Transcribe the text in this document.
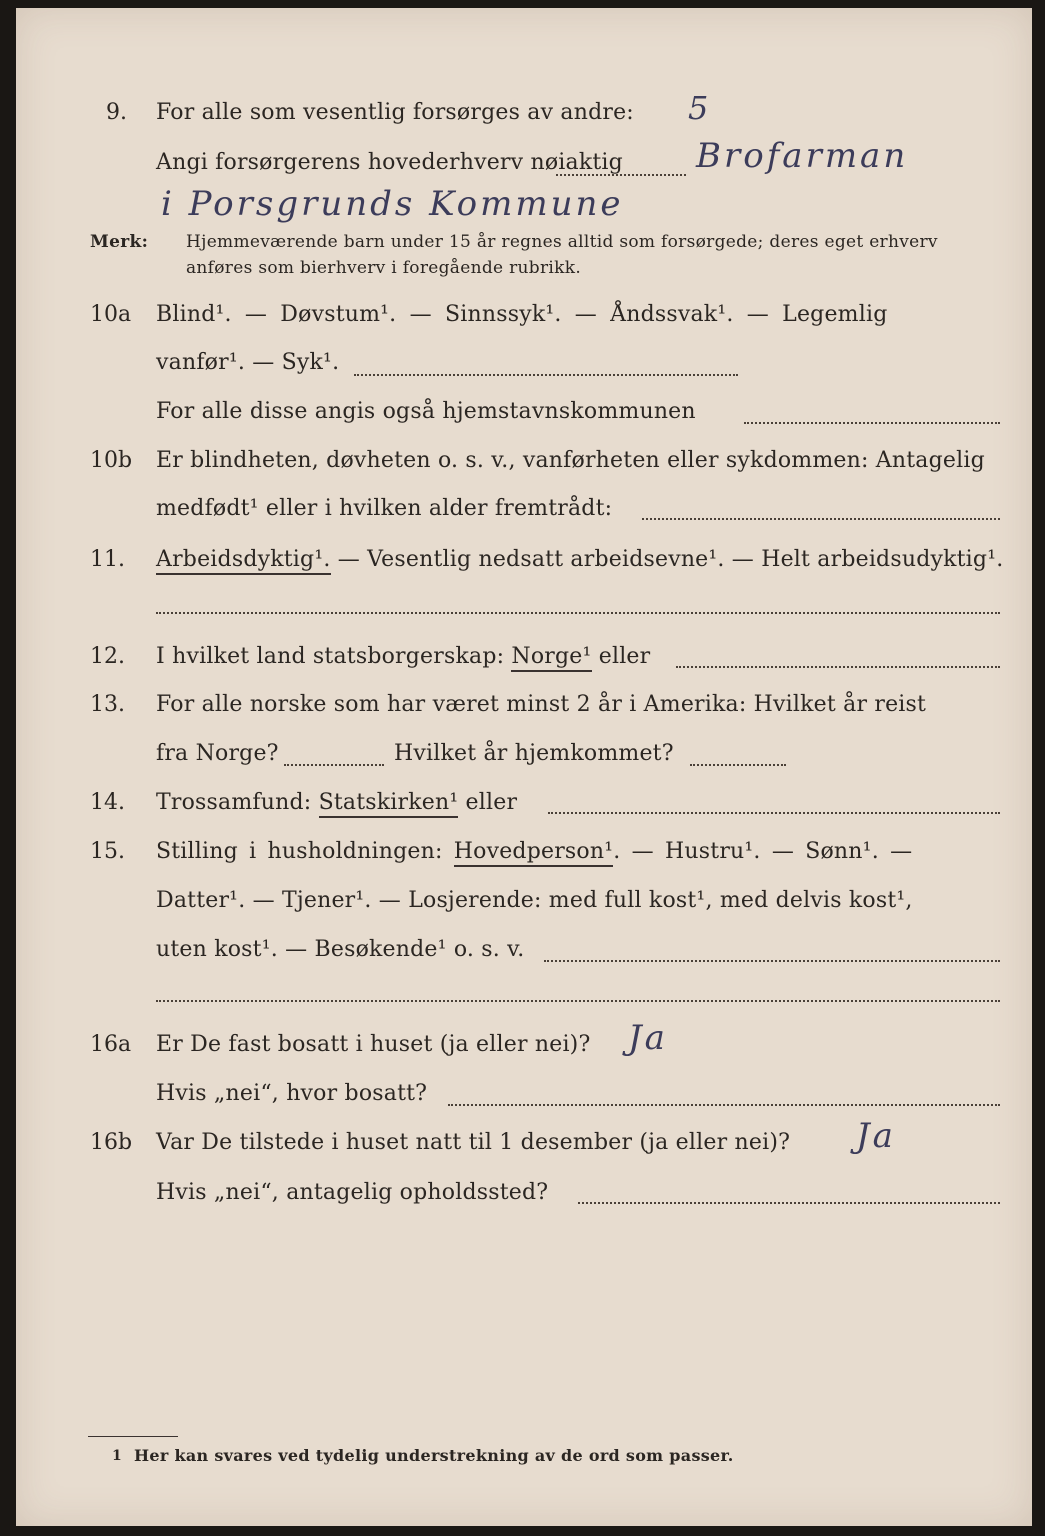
9. For alle som vesentlig forsørges av andre: 5
Angi forsørgerens hovederhverv nøiaktig Brofarman
i Porsgrunds Kommune
Merk: Hjemmeværende barn under 15 år regnes alltid som forsørgede; deres eget erhverv
anføres som bierhverv i foregående rubrikk.
10a Blind¹. — Døvstum¹. — Sinnssyk¹. — Åndssvak¹. — Legemlig
vanfør¹. — Syk¹.
For alle disse angis også hjemstavnskommunen
10b Er blindheten, døvheten o. s. v., vanførheten eller sykdommen: Antagelig
medfødt¹ eller i hvilken alder fremtrådt:
11. Arbeidsdyktig¹. — Vesentlig nedsatt arbeidsevne¹. — Helt arbeidsudyktig¹.
12. I hvilket land statsborgerskap: Norge¹ eller
13. For alle norske som har været minst 2 år i Amerika: Hvilket år reist
fra Norge?	Hvilket år hjemkommet?
14. Trossamfund: Statskirken¹ eller
15. Stilling i husholdningen: Hovedperson¹. — Hustru¹. — Sønn¹. —
Datter¹. — Tjener¹. — Losjerende: med full kost¹, med delvis kost¹,
uten kost¹. — Besøkende¹ o. s. v.
16a Er De fast bosatt i huset (ja eller nei)? Ja
Hvis „nei“, hvor bosatt?
16b Var De tilstede i huset natt til 1 desember (ja eller nei)? Ja
Hvis „nei“, antagelig opholdssted?
1 Her kan svares ved tydelig understrekning av de ord som passer.
